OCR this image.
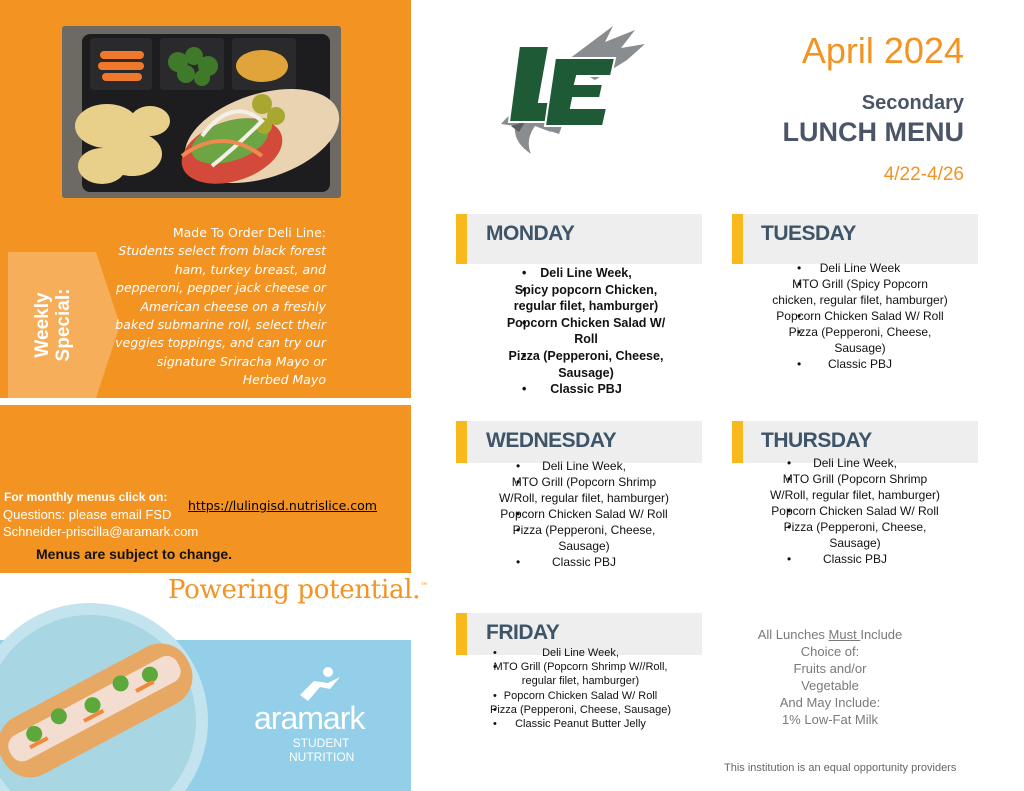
Weekly
Special:
Made To Order Deli Line:
Students select from black forest ham, turkey breast, and pepperoni, pepper jack cheese or American cheese on a freshly baked submarine roll, select their veggies toppings, and can try our signature Sriracha Mayo or Herbed Mayo
For monthly menus click on:
https://lulingisd.nutrislice.com
Questions: please email FSD
Schneider-priscilla@aramark.com
Menus are subject to change.
Powering potential.™
aramark
STUDENT
NUTRITION
April 2024
Secondary
LUNCH MENU
4/22-4/26
MONDAY
• Deli Line Week,
• Spicy popcorn Chicken, regular filet, hamburger)
• Popcorn Chicken Salad W/ Roll
• Pizza (Pepperoni, Cheese, Sausage)
• Classic PBJ
TUESDAY
• Deli Line Week
• MTO Grill (Spicy Popcorn chicken, regular filet, hamburger)
• Popcorn Chicken Salad W/ Roll
• Pizza (Pepperoni, Cheese, Sausage)
• Classic PBJ
WEDNESDAY
• Deli Line Week,
• MTO Grill (Popcorn Shrimp W/Roll, regular filet, hamburger)
• Popcorn Chicken Salad W/ Roll
• Pizza (Pepperoni, Cheese, Sausage)
• Classic PBJ
THURSDAY
• Deli Line Week,
• MTO Grill (Popcorn Shrimp W/Roll, regular filet, hamburger)
• Popcorn Chicken Salad W/ Roll
• Pizza (Pepperoni, Cheese, Sausage)
• Classic PBJ
FRIDAY
• Deli Line Week,
• MTO Grill (Popcorn Shrimp W//Roll, regular filet, hamburger)
• Popcorn Chicken Salad W/ Roll
• Pizza (Pepperoni, Cheese, Sausage)
• Classic Peanut Butter Jelly
All Lunches Must Include
Choice of:
Fruits and/or
Vegetable
And May Include:
1% Low-Fat Milk
This institution is an equal opportunity providers
